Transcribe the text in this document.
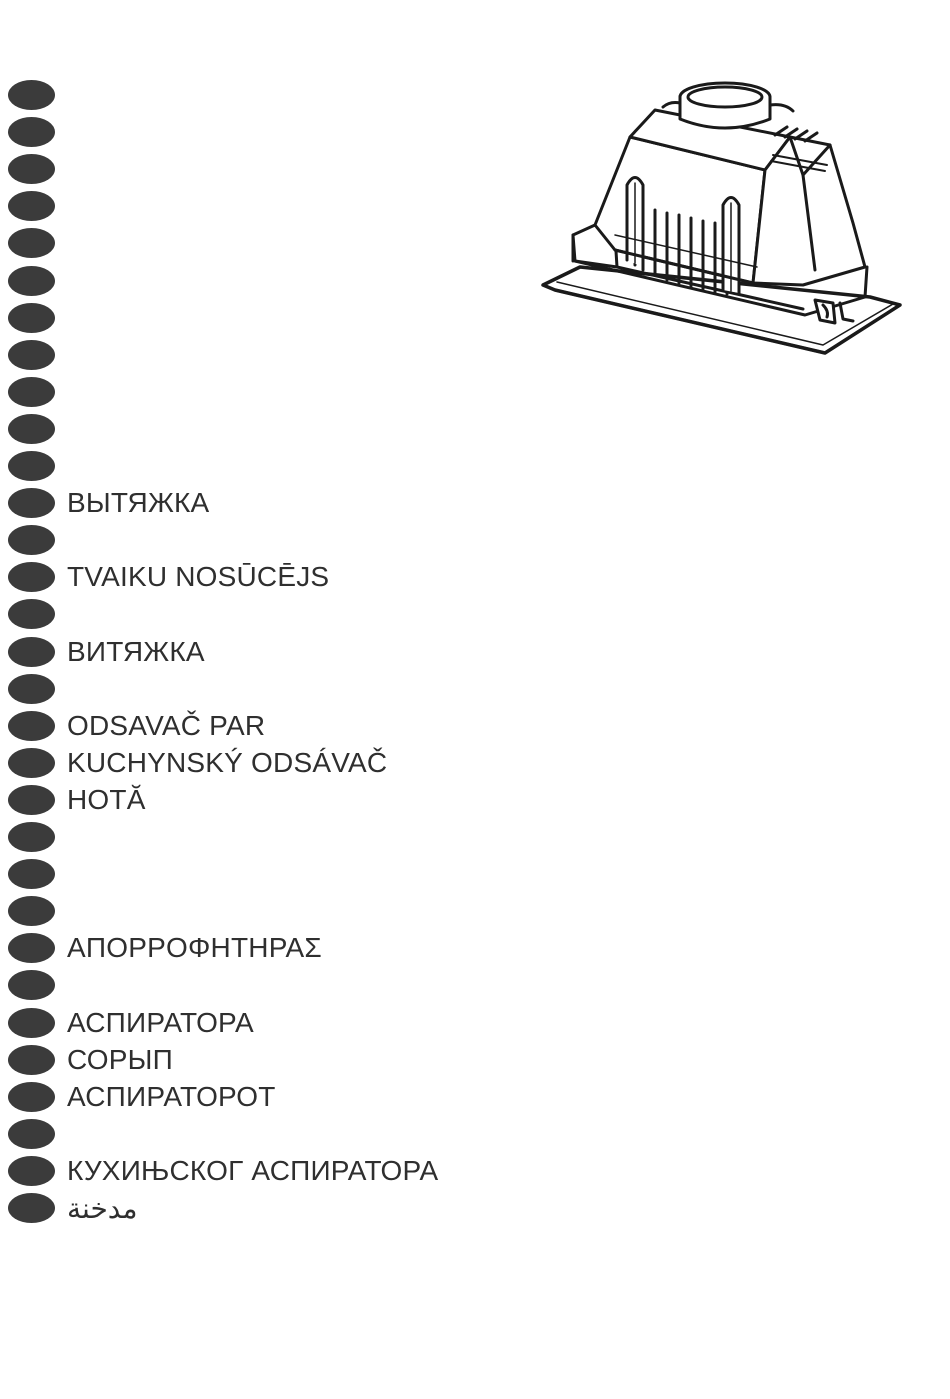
ВЫТЯЖКА
TVAIKU NOSŪCĒJS
ВИТЯЖКА
ODSAVAČ PAR
KUCHYNSKÝ ODSÁVAČ
HOTĂ
ΑΠΟΡΡΟΦΗΤΗΡΑΣ
АСПИРАТОРА
СОРЫП
АСПИРАТОРОТ
КУХИЊСКОГ АСПИРАТОРА
مدخنة
